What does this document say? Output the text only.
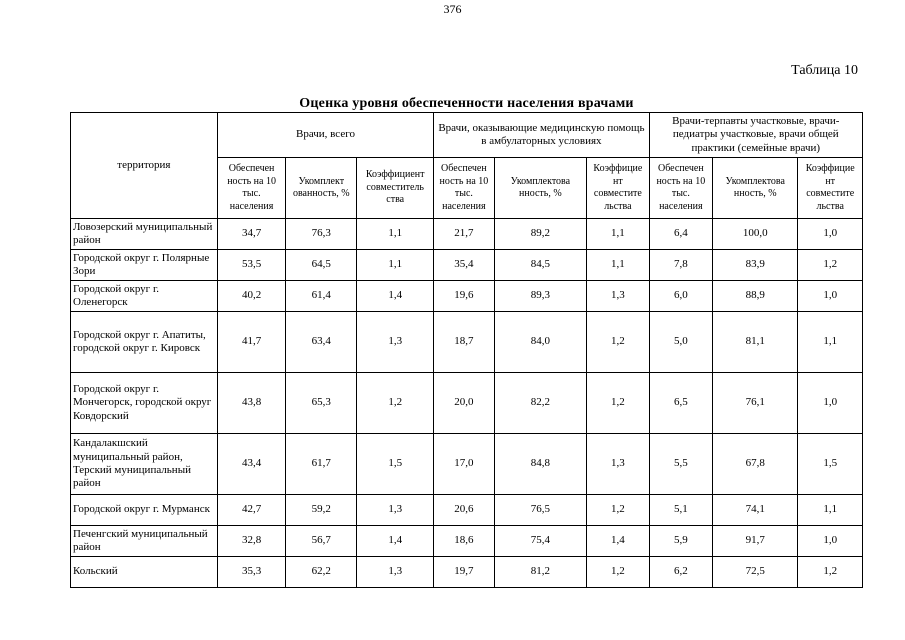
376
Таблица 10
Оценка уровня обеспеченности населения врачами
территория	Врачи, всего			Врачи, оказывающие медицинскую помощь в амбулаторных условиях			Врачи-терпавты участковые, врачи-педиатры участковые, врачи общей практики (семейные врачи)		
	Обеспечен ность на 10 тыс. населения	Укомплект ованность, %	Коэффициент совместитель ства	Обеспечен ность на 10 тыс. населения	Укомплектова нность, %	Коэффицие нт совместите льства	Обеспечен ность на 10 тыс. населения	Укомплектова нность, %	Коэффицие нт совместите льства
Ловозерский муниципальный район	34,7	76,3	1,1	21,7	89,2	1,1	6,4	100,0	1,0
Городской округ г. Полярные Зори	53,5	64,5	1,1	35,4	84,5	1,1	7,8	83,9	1,2
Городской округ г. Оленегорск	40,2	61,4	1,4	19,6	89,3	1,3	6,0	88,9	1,0
Городской округ г. Апатиты, городской округ г. Кировск	41,7	63,4	1,3	18,7	84,0	1,2	5,0	81,1	1,1
Городской округ г. Мончегорск, городской округ Ковдорский	43,8	65,3	1,2	20,0	82,2	1,2	6,5	76,1	1,0
Кандалакшский муниципальный район, Терский муниципальный район	43,4	61,7	1,5	17,0	84,8	1,3	5,5	67,8	1,5
Городской округ г. Мурманск	42,7	59,2	1,3	20,6	76,5	1,2	5,1	74,1	1,1
Печенгский муниципальный район	32,8	56,7	1,4	18,6	75,4	1,4	5,9	91,7	1,0
Кольский	35,3	62,2	1,3	19,7	81,2	1,2	6,2	72,5	1,2
